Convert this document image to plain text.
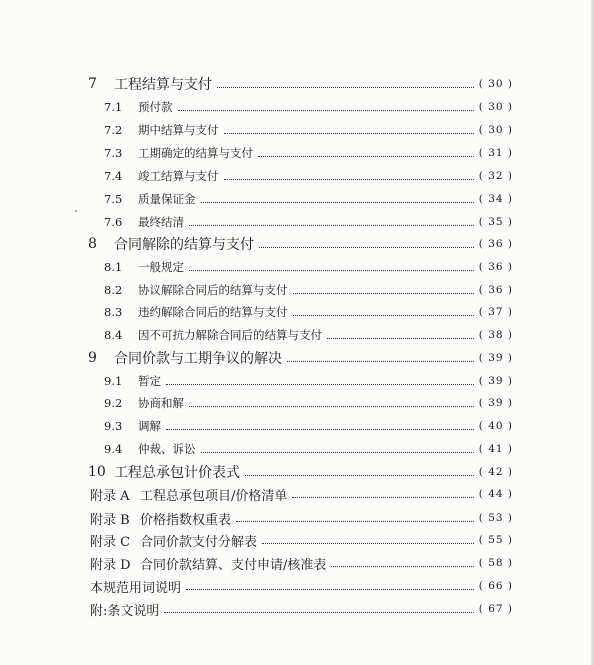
7	工程结算与支付	( 30 )
7.1	预付款	( 30 )
7.2	期中结算与支付	( 30 )
7.3	工期确定的结算与支付	( 31 )
7.4	竣工结算与支付	( 32 )
7.5	质量保证金	( 34 )
7.6	最终结清	( 35 )
8	合同解除的结算与支付	( 36 )
8.1	一般规定	( 36 )
8.2	协议解除合同后的结算与支付	( 36 )
8.3	违约解除合同后的结算与支付	( 37 )
8.4	因不可抗力解除合同后的结算与支付	( 38 )
9	合同价款与工期争议的解决	( 39 )
9.1	暂定	( 39 )
9.2	协商和解	( 39 )
9.3	调解	( 40 )
9.4	仲裁、诉讼	( 41 )
10 工程总承包计价表式	( 42 )
附录 A 工程总承包项目/价格清单	( 44 )
附录 B 价格指数权重表	( 53 )
附录 C 合同价款支付分解表	( 55 )
附录 D 合同价款结算、支付申请/核准表	( 58 )
本规范用词说明	( 66 )
附:条文说明	( 67 )
